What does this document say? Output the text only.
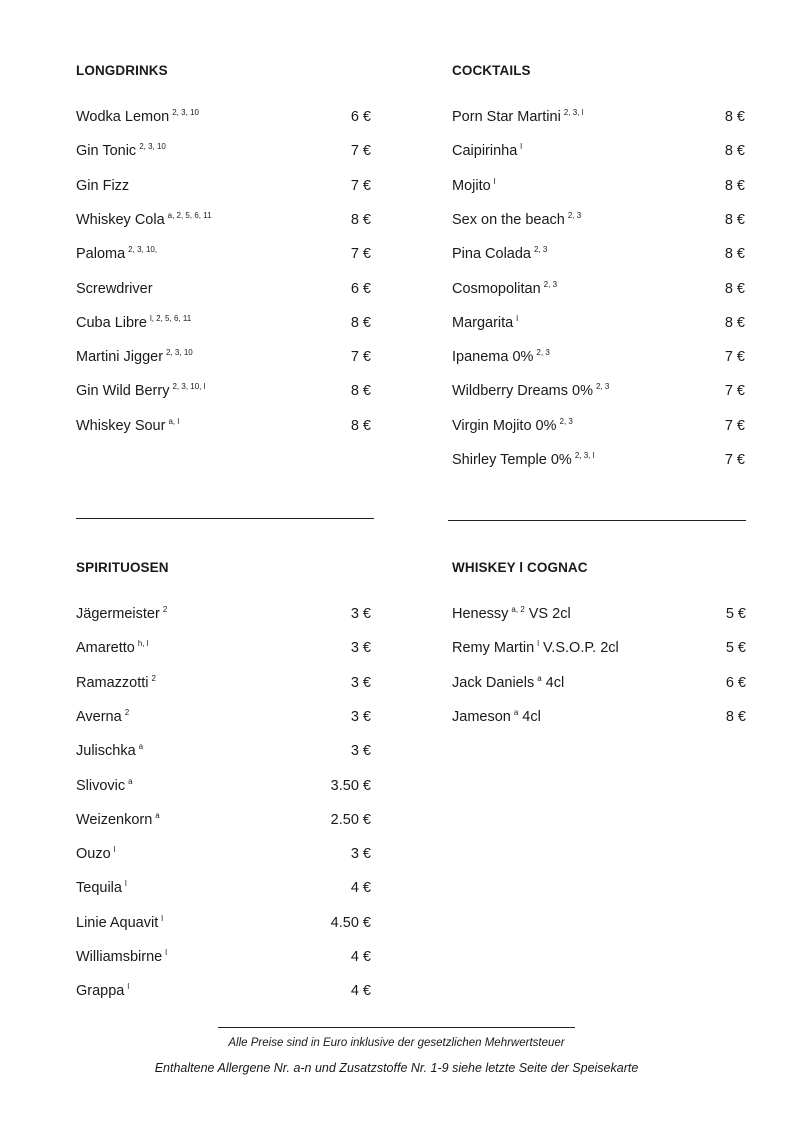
LONGDRINKS
Wodka Lemon $^{2, 3, 10}$	6 €
Gin Tonic $^{2, 3, 10}$	7 €
Gin Fizz	7 €
Whiskey Cola $^{a, 2, 5, 6, 11}$	8 €
Paloma $^{2, 3, 10,}$	7 €
Screwdriver	6 €
Cuba Libre $^{l, 2, 5, 6, 11}$	8 €
Martini Jigger $^{2, 3, 10}$	7 €
Gin Wild Berry $^{2, 3, 10, l}$	8 €
Whiskey Sour $^{a, l}$	8 €
COCKTAILS
Porn Star Martini $^{2, 3, l}$	8 €
Caipirinha $^l$	8 €
Mojito $^l$	8 €
Sex on the beach $^{2, 3}$	8 €
Pina Colada $^{2, 3}$	8 €
Cosmopolitan $^{2, 3}$	8 €
Margarita $^l$	8 €
Ipanema 0% $^{2, 3}$	7 €
Wildberry Dreams 0% $^{2, 3}$	7 €
Virgin Mojito 0% $^{2, 3}$	7 €
Shirley Temple 0% $^{2, 3, l}$	7 €
SPIRITUOSEN
Jägermeister $^2$	3 €
Amaretto $^{h, l}$	3 €
Ramazzotti $^2$	3 €
Averna $^2$	3 €
Julischka $^a$	3 €
Slivovic $^a$	3.50 €
Weizenkorn $^a$	2.50 €
Ouzo $^l$	3 €
Tequila $^l$	4 €
Linie Aquavit $^l$	4.50 €
Williamsbirne $^l$	4 €
Grappa $^l$	4 €
WHISKEY l COGNAC
Henessy $^{a, 2}$ VS 2cl	5 €
Remy Martin $^l$ V.S.O.P. 2cl	5 €
Jack Daniels $^a$ 4cl	6 €
Jameson $^a$ 4cl	8 €
Alle Preise sind in Euro inklusive der gesetzlichen Mehrwertsteuer
Enthaltene Allergene Nr. a-n und Zusatzstoffe Nr. 1-9 siehe letzte Seite der Speisekarte
